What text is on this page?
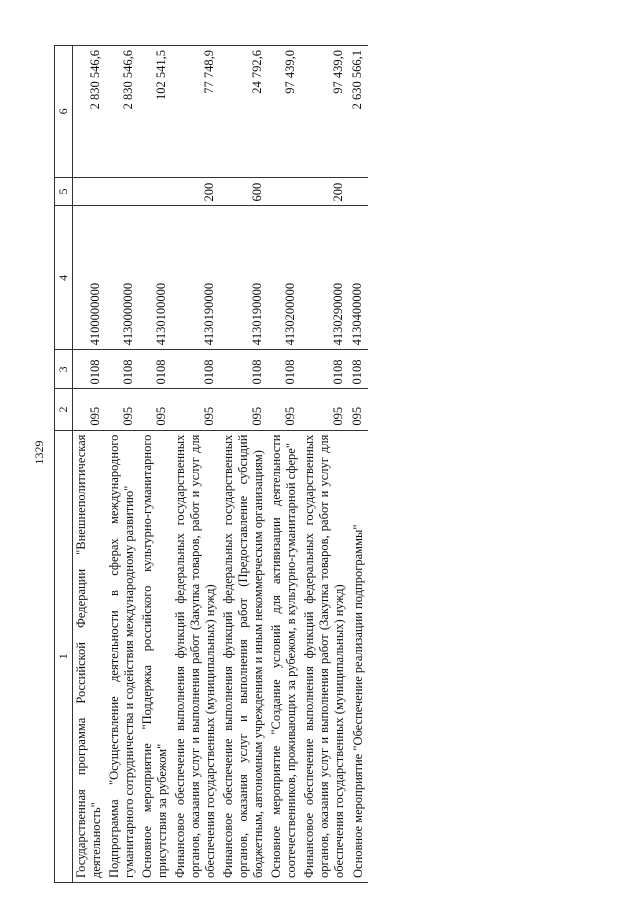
1329
1	2	3	4	5	6
Государственная программа Российской Федерации "Внешнеполитическая деятельность"	095	0108	4100000000		2 830 546,6
Подпрограмма "Осуществление деятельности в сферах международного гуманитарного сотрудничества и содействия международному развитию"	095	0108	4130000000		2 830 546,6
Основное мероприятие "Поддержка российского культурно-гуманитарного присутствия за рубежом"	095	0108	4130100000		102 541,5
Финансовое обеспечение выполнения функций федеральных государственных органов, оказания услуг и выполнения работ (Закупка товаров, работ и услуг для обеспечения государственных (муниципальных) нужд)	095	0108	4130190000	200	77 748,9
Финансовое обеспечение выполнения функций федеральных государственных органов, оказания услуг и выполнения работ (Предоставление субсидий бюджетным, автономным учреждениям и иным некоммерческим организациям)	095	0108	4130190000	600	24 792,6
Основное мероприятие "Создание условий для активизации деятельности соотечественников, проживающих за рубежом, в культурно-гуманитарной сфере"	095	0108	4130200000		97 439,0
Финансовое обеспечение выполнения функций федеральных государственных органов, оказания услуг и выполнения работ (Закупка товаров, работ и услуг для обеспечения государственных (муниципальных) нужд)	095	0108	4130290000	200	97 439,0
Основное мероприятие "Обеспечение реализации подпрограммы"	095	0108	4130400000		2 630 566,1
